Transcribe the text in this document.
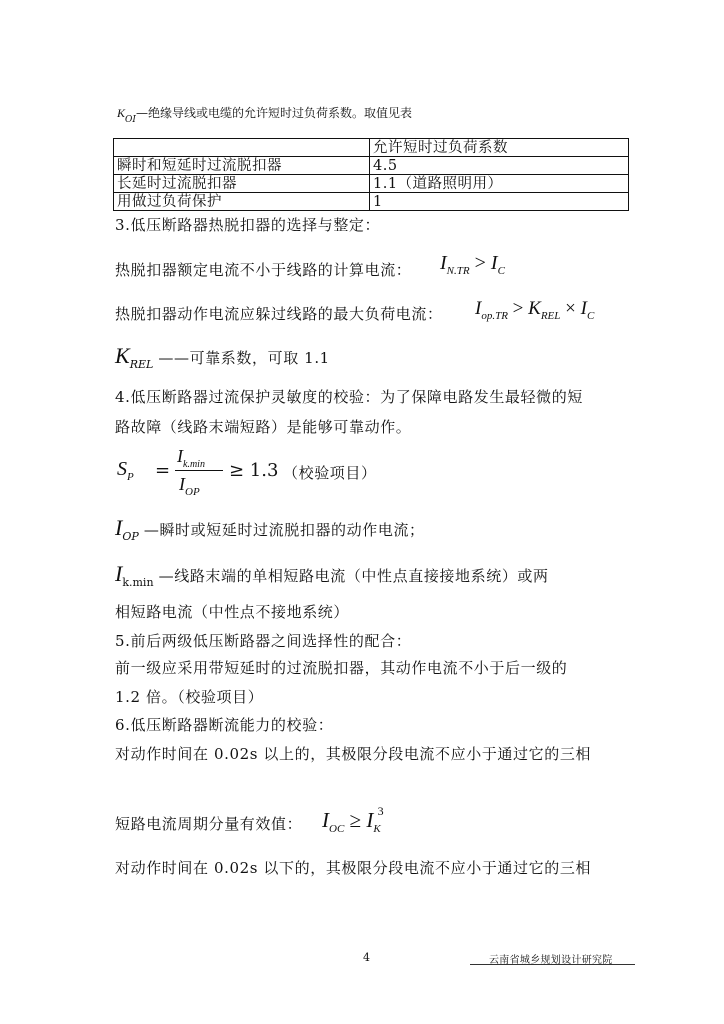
$K_{OI}—$绝缘导线或电缆的允许短时过负荷系数。取值见表
	允许短时过负荷系数
瞬时和短延时过流脱扣器	4.5
长延时过流脱扣器	1.1（道路照明用）
用做过负荷保护	1
3.低压断路器热脱扣器的选择与整定：
热脱扣器额定电流不小于线路的计算电流： $I_{N.TR} > I_C$
热脱扣器动作电流应躲过线路的最大负荷电流： $I_{op.TR} > K_{REL} \times I_C$
$K_{REL}$ ——可靠系数，可取 1.1
4.低压断路器过流保护灵敏度的校验：为了保障电路发生最轻微的短
路故障（线路末端短路）是能够可靠动作。
$S_P$ =
$I_{k.min}$
$I_{OP}$
≥ 1.3 （校验项目）
$I_{OP}$ —瞬时或短延时过流脱扣器的动作电流；
$I_{k.min}$ —线路末端的单相短路电流（中性点直接接地系统）或两
相短路电流（中性点不接地系统）
5.前后两级低压断路器之间选择性的配合：
前一级应采用带短延时的过流脱扣器，其动作电流不小于后一级的
1.2 倍。（校验项目）
6.低压断路器断流能力的校验：
对动作时间在 0.02s 以上的，其极限分段电流不应小于通过它的三相
短路电流周期分量有效值： $I_{OC} \ge I_K^3$
对动作时间在 0.02s 以下的，其极限分段电流不应小于通过它的三相
4	云南省城乡规划设计研究院
